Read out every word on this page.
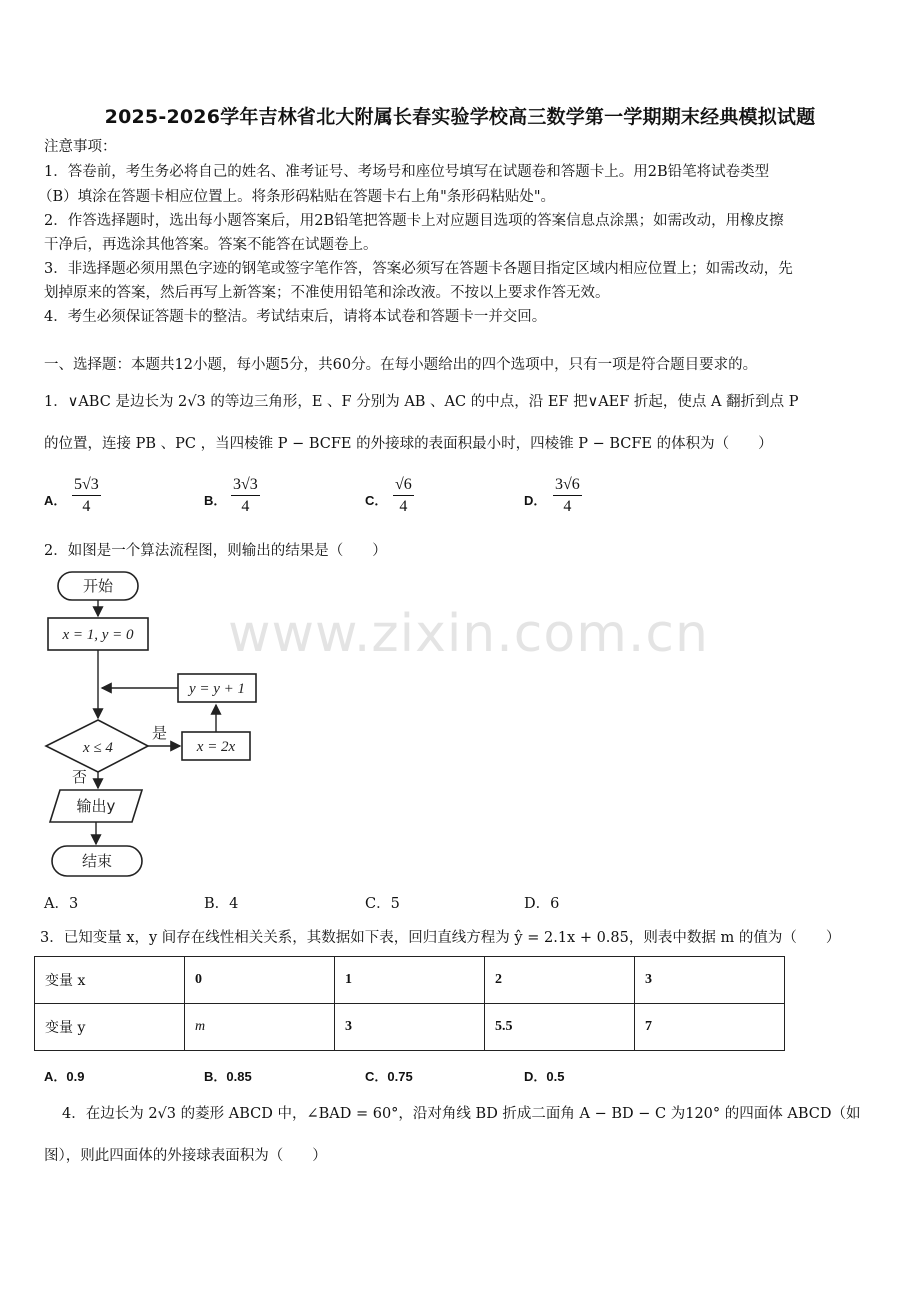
2025-2026学年吉林省北大附属长春实验学校高三数学第一学期期末经典模拟试题
注意事项：
1．答卷前，考生务必将自己的姓名、准考证号、考场号和座位号填写在试题卷和答题卡上。用2B铅笔将试卷类型
（B）填涂在答题卡相应位置上。将条形码粘贴在答题卡右上角"条形码粘贴处"。
2．作答选择题时，选出每小题答案后，用2B铅笔把答题卡上对应题目选项的答案信息点涂黑；如需改动，用橡皮擦
干净后，再选涂其他答案。答案不能答在试题卷上。
3．非选择题必须用黑色字迹的钢笔或签字笔作答，答案必须写在答题卡各题目指定区域内相应位置上；如需改动，先
划掉原来的答案，然后再写上新答案；不准使用铅笔和涂改液。不按以上要求作答无效。
4．考生必须保证答题卡的整洁。考试结束后，请将本试卷和答题卡一并交回。
一、选择题：本题共12小题，每小题5分，共60分。在每小题给出的四个选项中，只有一项是符合题目要求的。
1．∨ABC 是边长为 2√3 的等边三角形，E 、F 分别为 AB 、AC 的中点，沿 EF 把∨AEF 折起，使点 A 翻折到点 P
的位置，连接 PB 、PC ，当四棱锥 P − BCFE 的外接球的表面积最小时，四棱锥 P − BCFE 的体积为（　　）
A． $\frac{5√3}{4}$	B． $\frac{3√3}{4}$	C． $\frac{√6}{4}$	D． $\frac{3√6}{4}$
2．如图是一个算法流程图，则输出的结果是（　　）
开始
x = 1, y = 0
y = y + 1
x ≤ 4
是
x = 2x
否
输出y
结束
www.zixin.com.cn
A．3	B．4	C．5	D．6
3．已知变量 x，y 间存在线性相关关系，其数据如下表，回归直线方程为 ŷ = 2.1x + 0.85，则表中数据 m 的值为（　　）
变量 x	0	1	2	3
变量 y	m	3	5.5	7
A．0.9	B．0.85	C．0.75	D．0.5
4．在边长为 2√3 的菱形 ABCD 中，∠BAD = 60°，沿对角线 BD 折成二面角 A − BD − C 为120° 的四面体 ABCD（如
图），则此四面体的外接球表面积为（　　）
